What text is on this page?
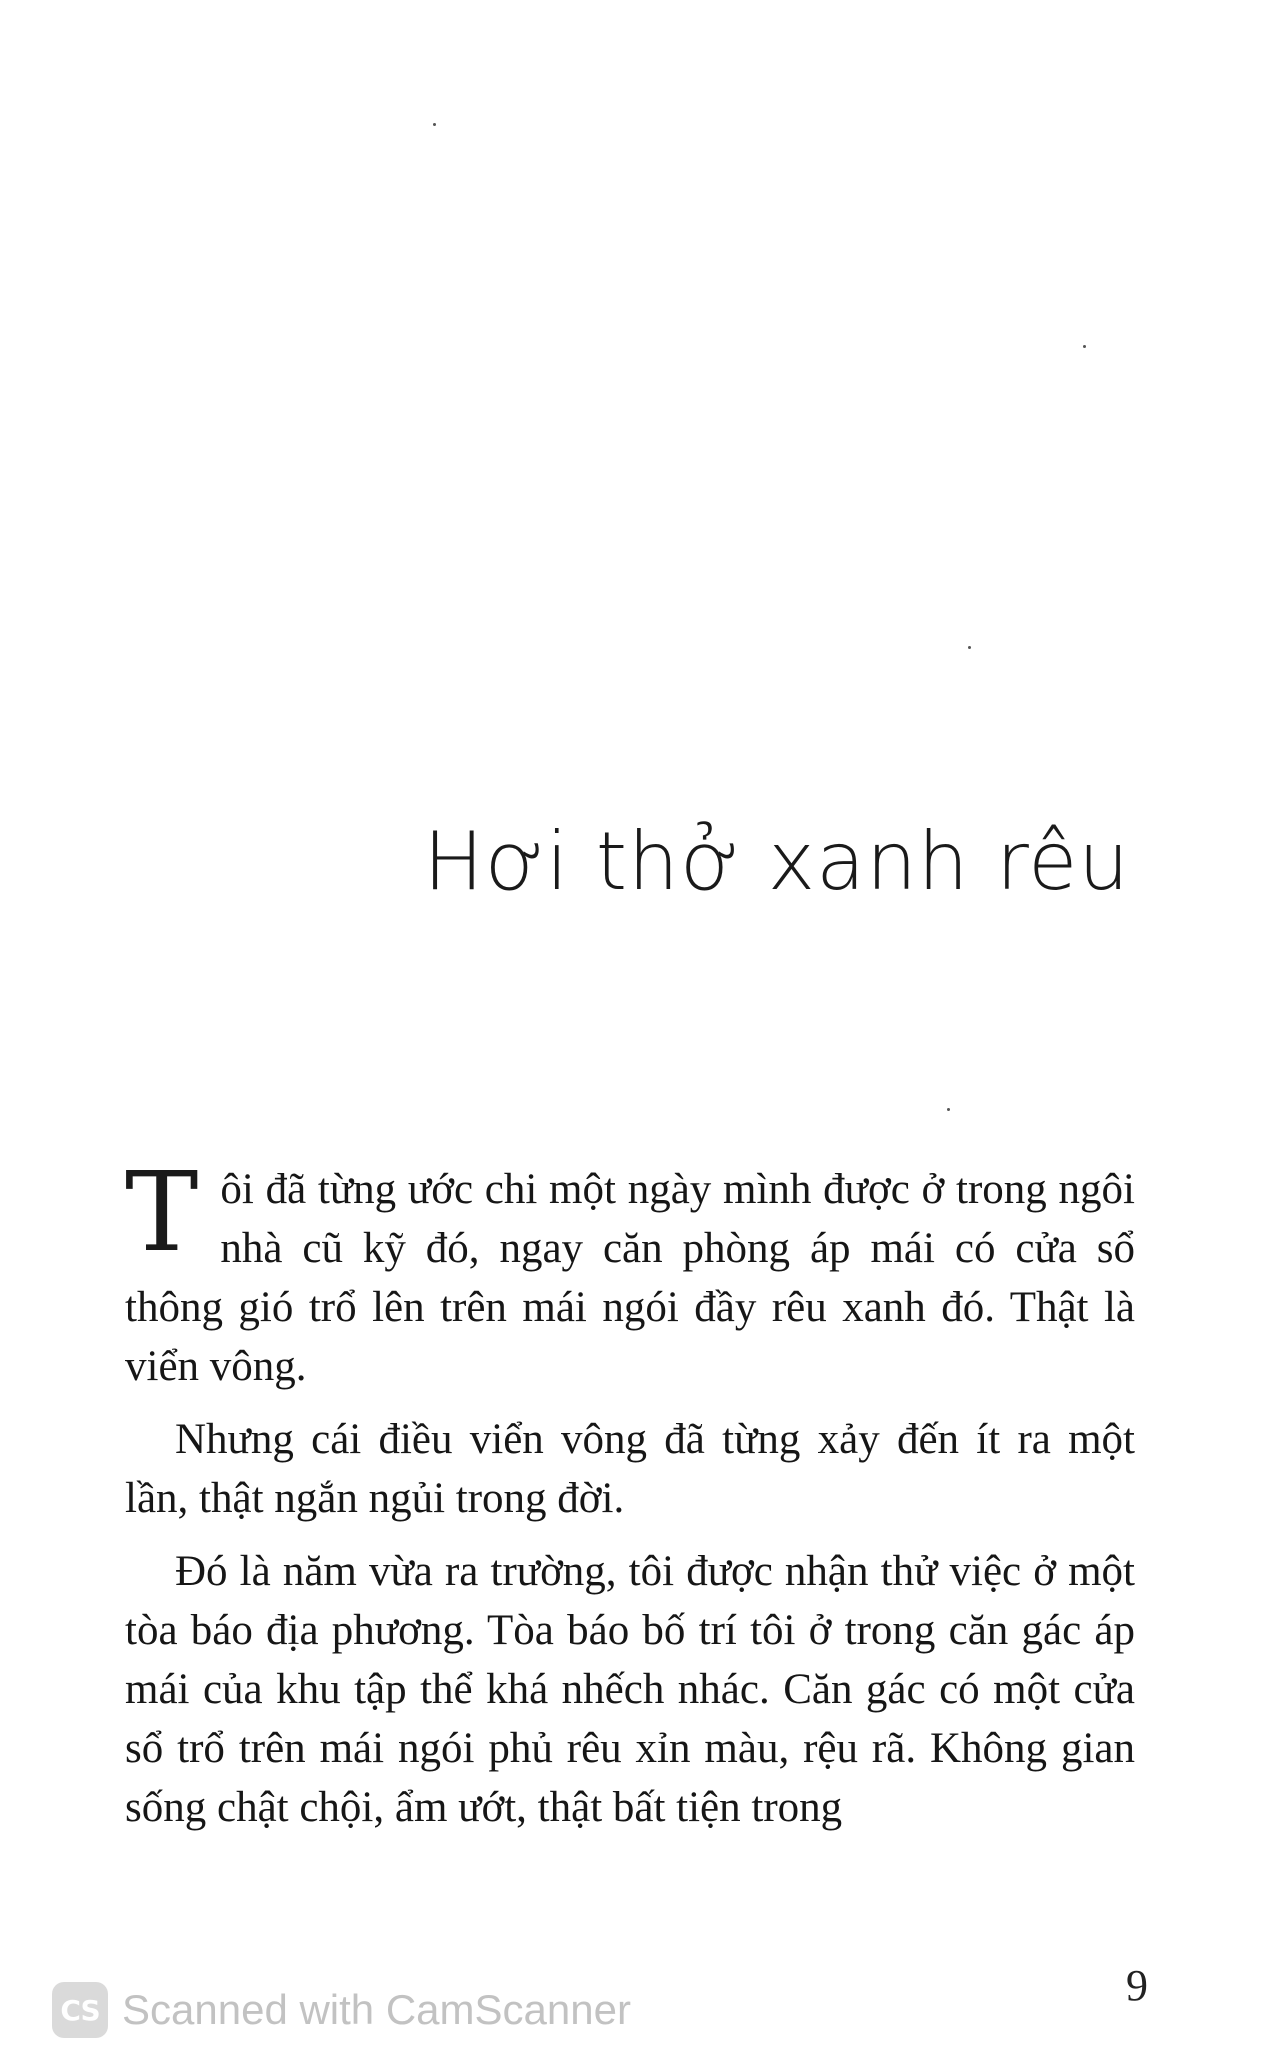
Hơi thở xanh rêu

T ôi đã từng ước chi một ngày mình được ở trong ngôi nhà cũ kỹ đó, ngay căn phòng áp mái có cửa sổ thông gió trổ lên trên mái ngói đầy rêu xanh đó. Thật là viển vông.

Nhưng cái điều viển vông đã từng xảy đến ít ra một lần, thật ngắn ngủi trong đời.

Đó là năm vừa ra trường, tôi được nhận thử việc ở một tòa báo địa phương. Tòa báo bố trí tôi ở trong căn gác áp mái của khu tập thể khá nhếch nhác. Căn gác có một cửa sổ trổ trên mái ngói phủ rêu xỉn màu, rệu rã. Không gian sống chật chội, ẩm ướt, thật bất tiện trong

9
CS Scanned with CamScanner
